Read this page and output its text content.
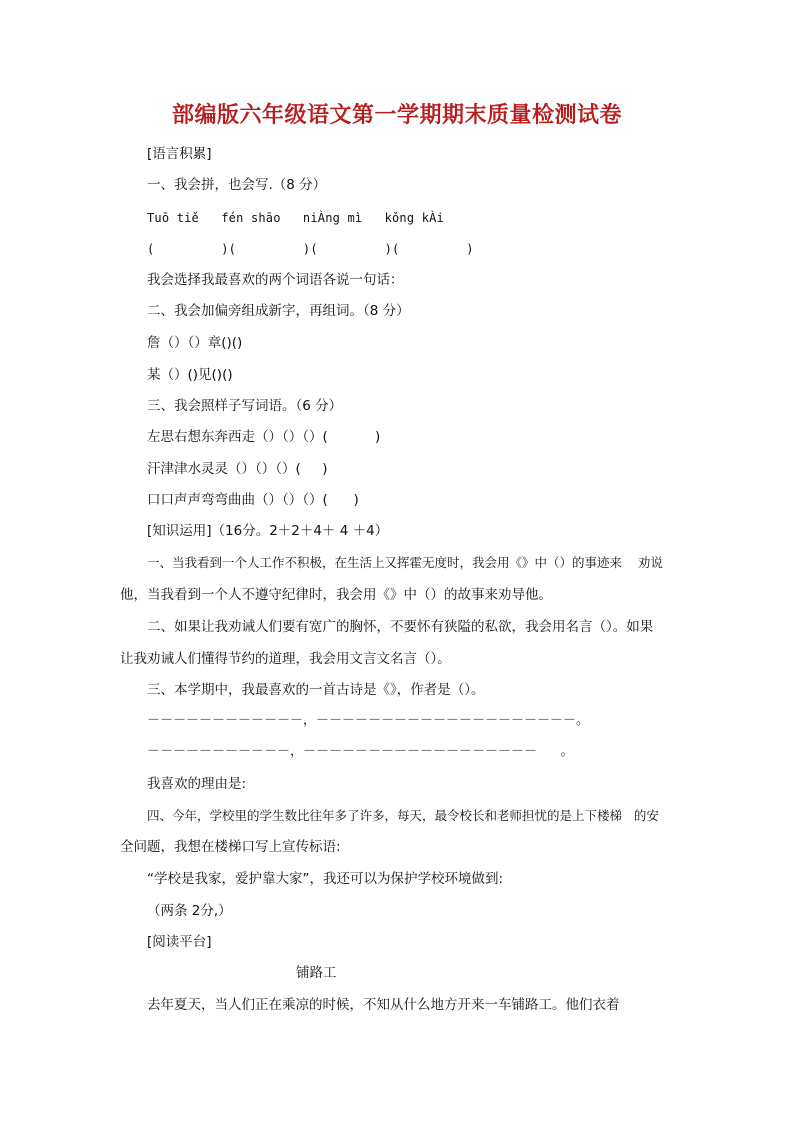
部编版六年级语文第一学期期末质量检测试卷
[语言积累]
一、我会拼，也会写.（8 分）
Tuō tiě   fén shāo   niÀng mì   kǒng kÀi
(         )(         )(         )(         )
我会选择我最喜欢的两个词语各说一句话：
二、我会加偏旁组成新字，再组词。（8 分）
詹（）（）章()()
某（）()见()()
三、我会照样子写词语。（6 分）
左思右想东奔西走（）（）（）(           )
汗津津水灵灵（）（）（）(     )
口口声声弯弯曲曲（）（）（）(      )
[知识运用]（16分。2＋2＋4＋ 4 ＋4）
一、当我看到一个人工作不积极，在生活上又挥霍无度时，我会用《》中（）的事迹来    劝说
他，当我看到一个人不遵守纪律时，我会用《》中（）的故事来劝导他。
二、如果让我劝诫人们要有宽广的胸怀，不要怀有狭隘的私欲，我会用名言（）。如果
让我劝诫人们懂得节约的道理，我会用文言文名言（）。
三、本学期中，我最喜欢的一首古诗是《》，作者是（）。
－－－－－－－－－－－－，－－－－－－－－－－－－－－－－－－－－。
－－－－－－－－－－－，－－－－－－－－－－－－－－－－－－   。
我喜欢的理由是:
四、今年，学校里的学生数比往年多了许多，每天，最令校长和老师担忧的是上下楼梯   的安
全问题，我想在楼梯口写上宣传标语:
“学校是我家，爱护靠大家”，我还可以为保护学校环境做到:
（两条 2分,）
[阅读平台]
铺路工
去年夏天，当人们正在乘凉的时候，不知从什么地方开来一车铺路工。他们衣着
